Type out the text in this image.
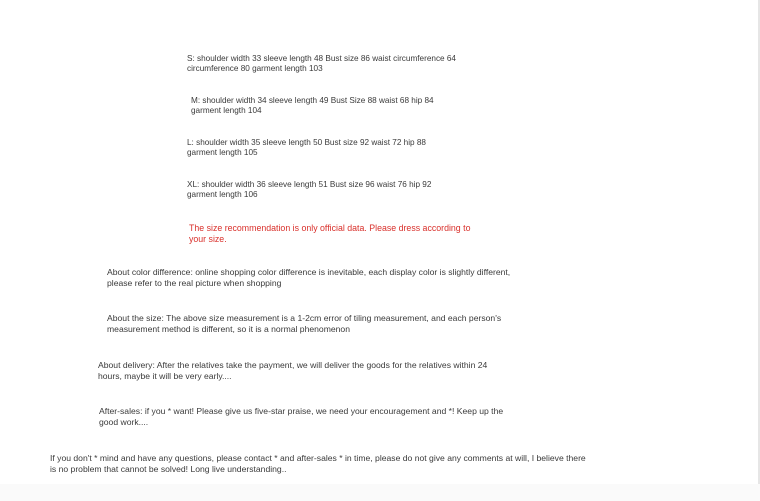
S: shoulder width 33 sleeve length 48 Bust size 86 waist circumference 64
circumference 80 garment length 103

M: shoulder width 34 sleeve length 49 Bust Size 88 waist 68 hip 84
garment length 104

L: shoulder width 35 sleeve length 50 Bust size 92 waist 72 hip 88
garment length 105

XL: shoulder width 36 sleeve length 51 Bust size 96 waist 76 hip 92
garment length 106

The size recommendation is only official data. Please dress according to
your size.

About color difference: online shopping color difference is inevitable, each display color is slightly different,
please refer to the real picture when shopping

About the size: The above size measurement is a 1-2cm error of tiling measurement, and each person's
measurement method is different, so it is a normal phenomenon

About delivery: After the relatives take the payment, we will deliver the goods for the relatives within 24
hours, maybe it will be very early....

After-sales: if you * want! Please give us five-star praise, we need your encouragement and *! Keep up the
good work....

If you don't * mind and have any questions, please contact * and after-sales * in time, please do not give any comments at will, I believe there
is no problem that cannot be solved! Long live understanding..
